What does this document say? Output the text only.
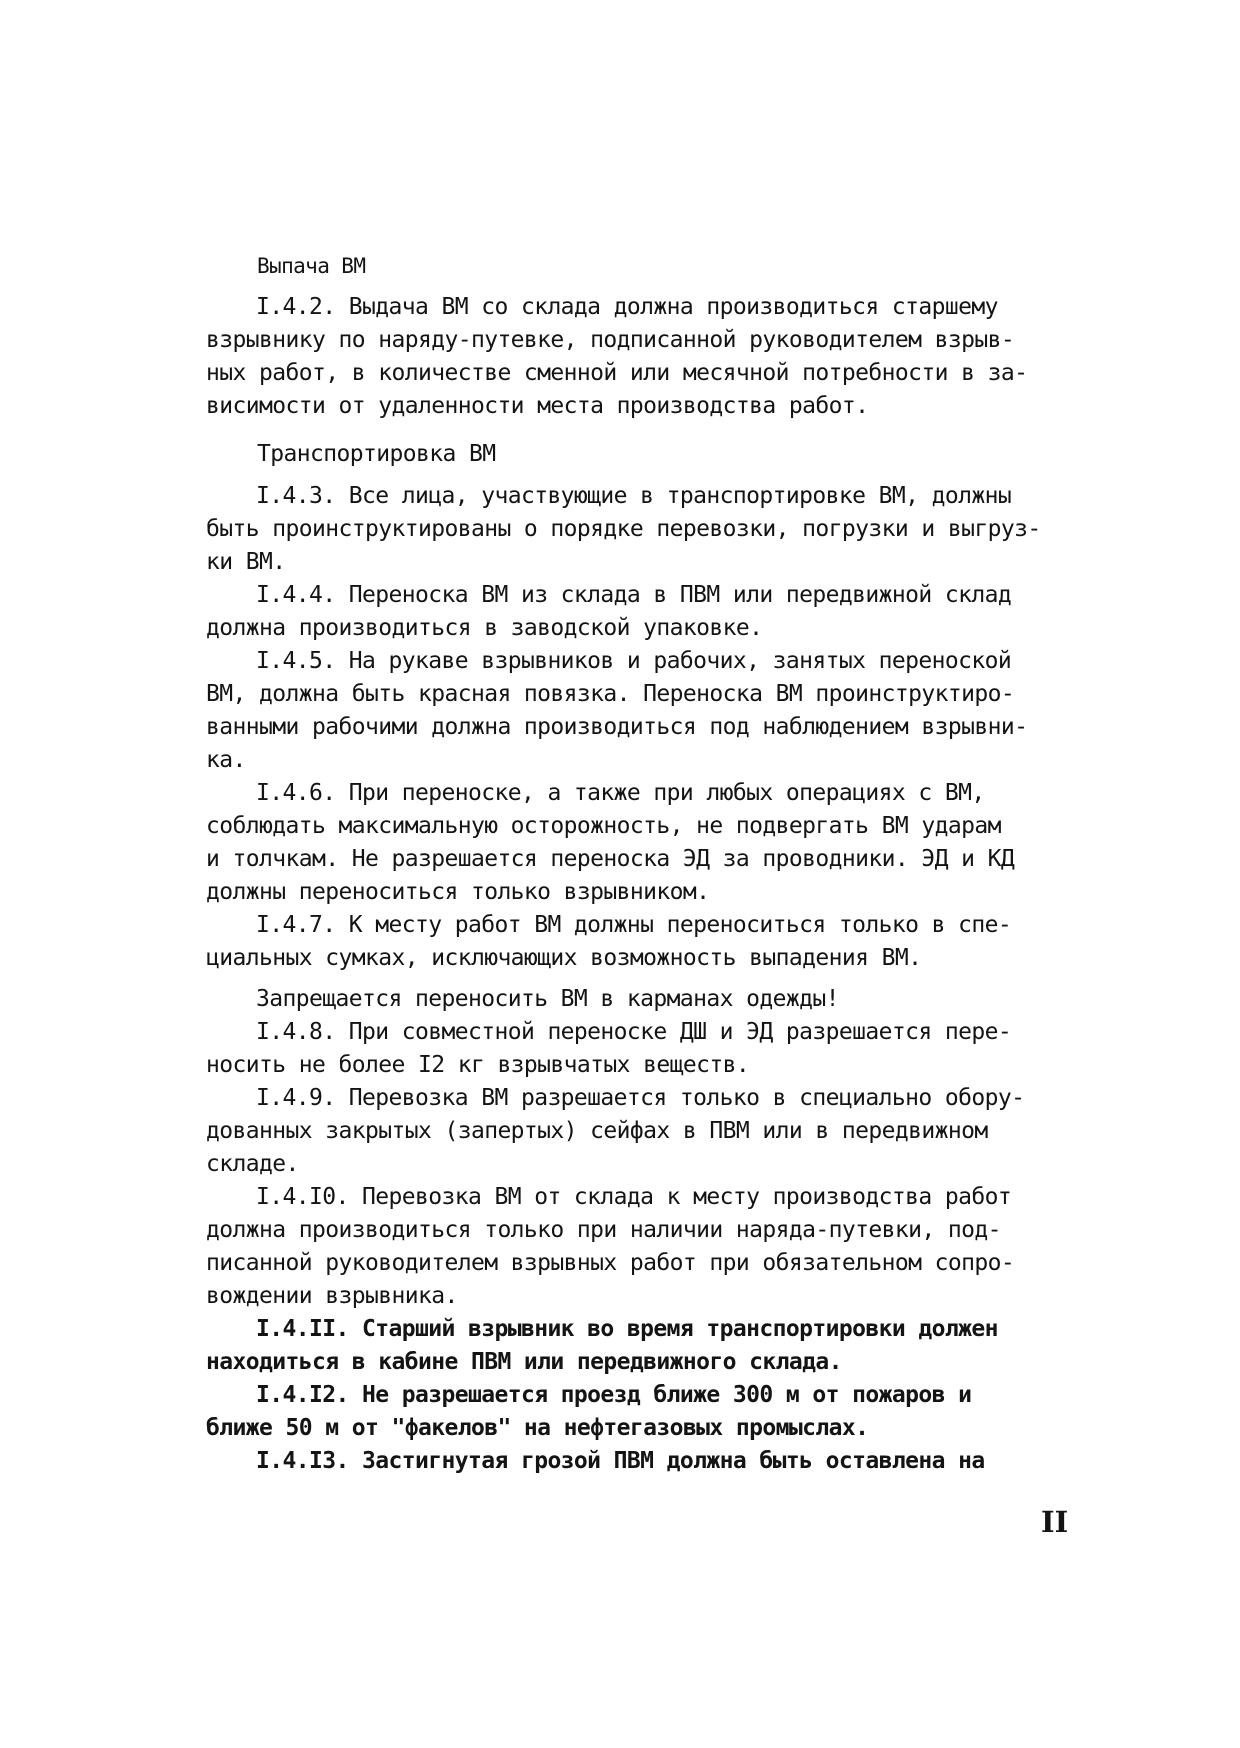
Выпача ВМ
I.4.2. Выдача ВМ со склада должна производиться старшему
взрывнику по наряду-путевке, подписанной руководителем взрыв-
ных работ, в количестве сменной или месячной потребности в за-
висимости от удаленности места производства работ.
Транспортировка ВМ
I.4.3. Все лица, участвующие в транспортировке ВМ, должны
быть проинструктированы о порядке перевозки, погрузки и выгруз-
ки ВМ.
I.4.4. Переноска ВМ из склада в ПВМ или передвижной склад
должна производиться в заводской упаковке.
I.4.5. На рукаве взрывников и рабочих, занятых переноской
ВМ, должна быть красная повязка. Переноска ВМ проинструктиро-
ванными рабочими должна производиться под наблюдением взрывни-
ка.
I.4.6. При переноске, а также при любых операциях с ВМ,
соблюдать максимальную осторожность, не подвергать ВМ ударам
и толчкам. Не разрешается переноска ЭД за проводники. ЭД и КД
должны переноситься только взрывником.
I.4.7. К месту работ ВМ должны переноситься только в спе-
циальных сумках, исключающих возможность выпадения ВМ.
Запрещается переносить ВМ в карманах одежды!
I.4.8. При совместной переноске ДШ и ЭД разрешается пере-
носить не более I2 кг взрывчатых веществ.
I.4.9. Перевозка ВМ разрешается только в специально обору-
дованных закрытых (запертых) сейфах в ПВМ или в передвижном
складе.
I.4.I0. Перевозка ВМ от склада к месту производства работ
должна производиться только при наличии наряда-путевки, под-
писанной руководителем взрывных работ при обязательном сопро-
вождении взрывника.
I.4.II. Старший взрывник во время транспортировки должен
находиться в кабине ПВМ или передвижного склада.
I.4.I2. Не разрешается проезд ближе 300 м от пожаров и
ближе 50 м от "факелов" на нефтегазовых промыслах.
I.4.I3. Застигнутая грозой ПВМ должна быть оставлена на
II
